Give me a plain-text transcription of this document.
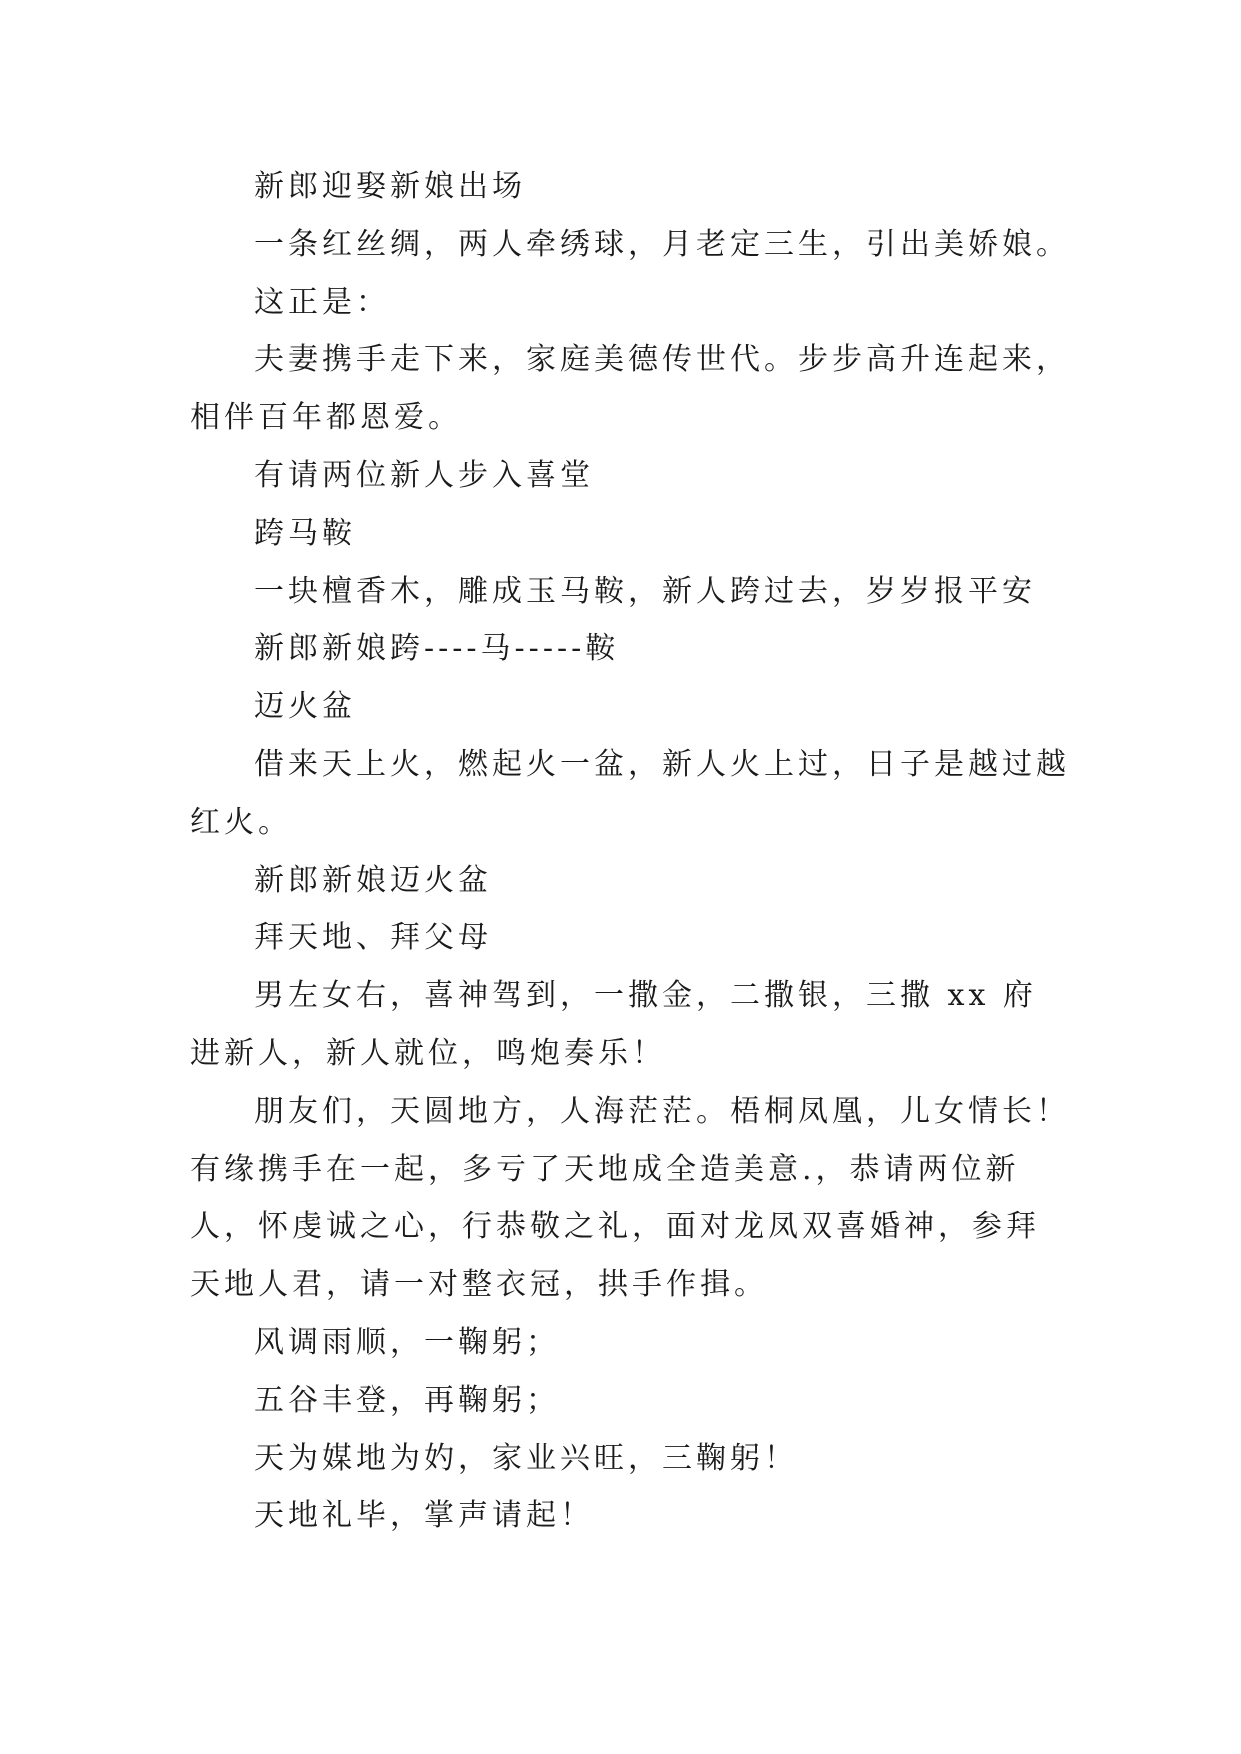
新郎迎娶新娘出场

一条红丝绸，两人牵绣球，月老定三生，引出美娇娘。

这正是：

夫妻携手走下来，家庭美德传世代。步步高升连起来，相伴百年都恩爱。

有请两位新人步入喜堂

跨马鞍

一块檀香木，雕成玉马鞍，新人跨过去，岁岁报平安

新郎新娘跨----马-----鞍

迈火盆

借来天上火，燃起火一盆，新人火上过，日子是越过越红火。

新郎新娘迈火盆

拜天地、拜父母

男左女右，喜神驾到，一撒金，二撒银，三撒 xx 府进新人，新人就位，鸣炮奏乐！

朋友们，天圆地方，人海茫茫。梧桐凤凰，儿女情长！有缘携手在一起，多亏了天地成全造美意.，恭请两位新人，怀虔诚之心，行恭敬之礼，面对龙凤双喜婚神，参拜天地人君，请一对整衣冠，拱手作揖。

风调雨顺，一鞠躬；

五谷丰登，再鞠躬；

天为媒地为妁，家业兴旺，三鞠躬！

天地礼毕，掌声请起！
